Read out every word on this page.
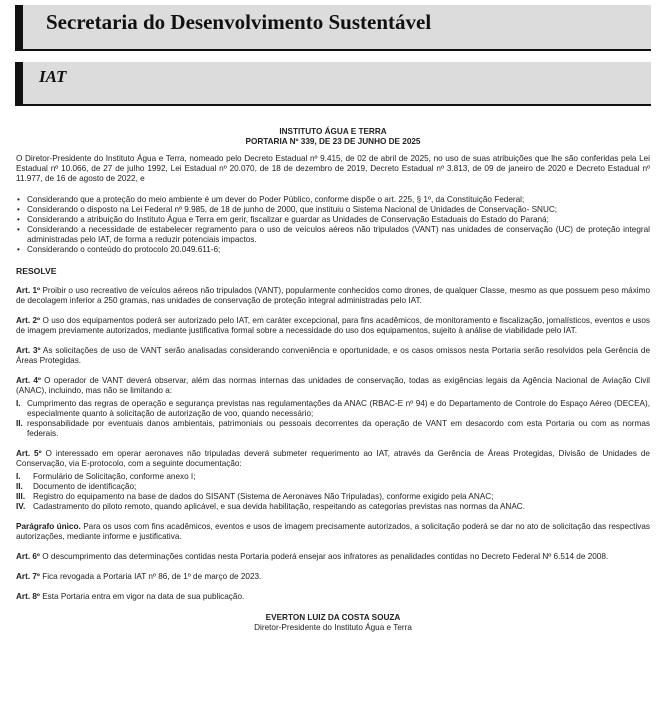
Secretaria do Desenvolvimento Sustentável
IAT
INSTITUTO ÁGUA E TERRA
PORTARIA Nº 339, DE 23 DE JUNHO DE 2025

O Diretor-Presidente do Instituto Água e Terra, nomeado pelo Decreto Estadual nº 9.415, de 02 de abril de 2025, no uso de suas atribuições que lhe são conferidas pela Lei Estadual nº 10.066, de 27 de julho 1992, Lei Estadual nº 20.070, de 18 de dezembro de 2019, Decreto Estadual nº 3.813, de 09 de janeiro de 2020 e Decreto Estadual nº 11.977, de 16 de agosto de 2022, e

• Considerando que a proteção do meio ambiente é um dever do Poder Público, conforme dispõe o art. 225, § 1º, da Constituição Federal;
• Considerando o disposto na Lei Federal nº 9.985, de 18 de junho de 2000, que instituiu o Sistema Nacional de Unidades de Conservação- SNUC;
• Considerando a atribuição do Instituto Água e Terra em gerir, fiscalizar e guardar as Unidades de Conservação Estaduais do Estado do Paraná;
• Considerando a necessidade de estabelecer regramento para o uso de veículos aéreos não tripulados (VANT) nas unidades de conservação (UC) de proteção integral administradas pelo IAT, de forma a reduzir potenciais impactos.
• Considerando o conteúdo do protocolo 20.049.611-6;
RESOLVE

Art. 1º Proibir o uso recreativo de veículos aéreos não tripulados (VANT), popularmente conhecidos como drones, de qualquer Classe, mesmo as que possuem peso máximo de decolagem inferior a 250 gramas, nas unidades de conservação de proteção integral administradas pelo IAT.

Art. 2º O uso dos equipamentos poderá ser autorizado pelo IAT, em caráter excepcional, para fins acadêmicos, de monitoramento e fiscalização, jornalísticos, eventos e usos de imagem previamente autorizados, mediante justificativa formal sobre a necessidade do uso dos equipamentos, sujeito à análise de viabilidade pelo IAT.

Art. 3º As solicitações de uso de VANT serão analisadas considerando conveniência e oportunidade, e os casos omissos nesta Portaria serão resolvidos pela Gerência de Áreas Protegidas.

Art. 4º O operador de VANT deverá observar, além das normas internas das unidades de conservação, todas as exigências legais da Agência Nacional de Aviação Civil (ANAC), incluindo, mas não se limitando a:

I. Cumprimento das regras de operação e segurança previstas nas regulamentações da ANAC (RBAC-E nº 94) e do Departamento de Controle do Espaço Aéreo (DECEA), especialmente quanto à solicitação de autorização de voo, quando necessário;
II. responsabilidade por eventuais danos ambientais, patrimoniais ou pessoais decorrentes da operação de VANT em desacordo com esta Portaria ou com as normas federais.

Art. 5º O interessado em operar aeronaves não tripuladas deverá submeter requerimento ao IAT, através da Gerência de Áreas Protegidas, Divisão de Unidades de Conservação, via E-protocolo, com a seguinte documentação:

I. Formulário de Solicitação, conforme anexo I;
II. Documento de identificação;
III. Registro do equipamento na base de dados do SISANT (Sistema de Aeronaves Não Tripuladas), conforme exigido pela ANAC;
IV. Cadastramento do piloto remoto, quando aplicável, e sua devida habilitação, respeitando as categorias previstas nas normas da ANAC.

Parágrafo único. Para os usos com fins acadêmicos, eventos e usos de imagem precisamente autorizados, a solicitação poderá se dar no ato de solicitação das respectivas autorizações, mediante informe e justificativa.

Art. 6º O descumprimento das determinações contidas nesta Portaria poderá ensejar aos infratores as penalidades contidas no Decreto Federal Nº 6.514 de 2008.

Art. 7º Fica revogada a Portaria IAT nº 86, de 1º de março de 2023.

Art. 8º Esta Portaria entra em vigor na data de sua publicação.

EVERTON LUIZ DA COSTA SOUZA
Diretor-Presidente do Instituto Água e Terra
